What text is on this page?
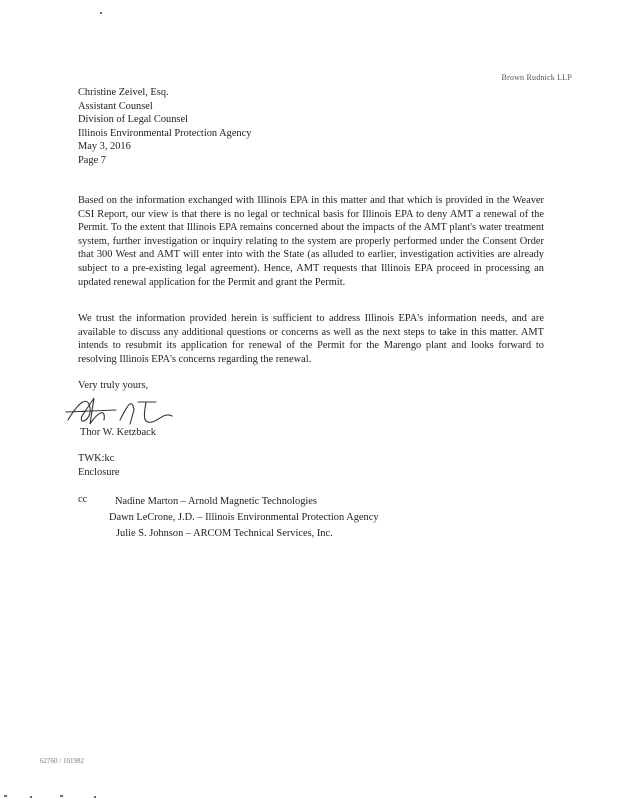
Brown Rudnick LLP
Christine Zeivel, Esq.
Assistant Counsel
Division of Legal Counsel
Illinois Environmental Protection Agency
May 3, 2016
Page 7

Based on the information exchanged with Illinois EPA in this matter and that which is provided in the Weaver CSI Report, our view is that there is no legal or technical basis for Illinois EPA to deny AMT a renewal of the Permit. To the extent that Illinois EPA remains concerned about the impacts of the AMT plant's water treatment system, further investigation or inquiry relating to the system are properly performed under the Consent Order that 300 West and AMT will enter into with the State (as alluded to earlier, investigation activities are already subject to a pre-existing legal agreement). Hence, AMT requests that Illinois EPA proceed in processing an updated renewal application for the Permit and grant the Permit.

We trust the information provided herein is sufficient to address Illinois EPA's information needs, and are available to discuss any additional questions or concerns as well as the next steps to take in this matter. AMT intends to resubmit its application for renewal of the Permit for the Marengo plant and looks forward to resolving Illinois EPA's concerns regarding the renewal.

Very truly yours,
Thor W. Ketzback
TWK:kc
Enclosure
cc	Nadine Marton – Arnold Magnetic Technologies
Dawn LeCrone, J.D. – Illinois Environmental Protection Agency
Julie S. Johnson – ARCOM Technical Services, Inc.
62760 / 101982
